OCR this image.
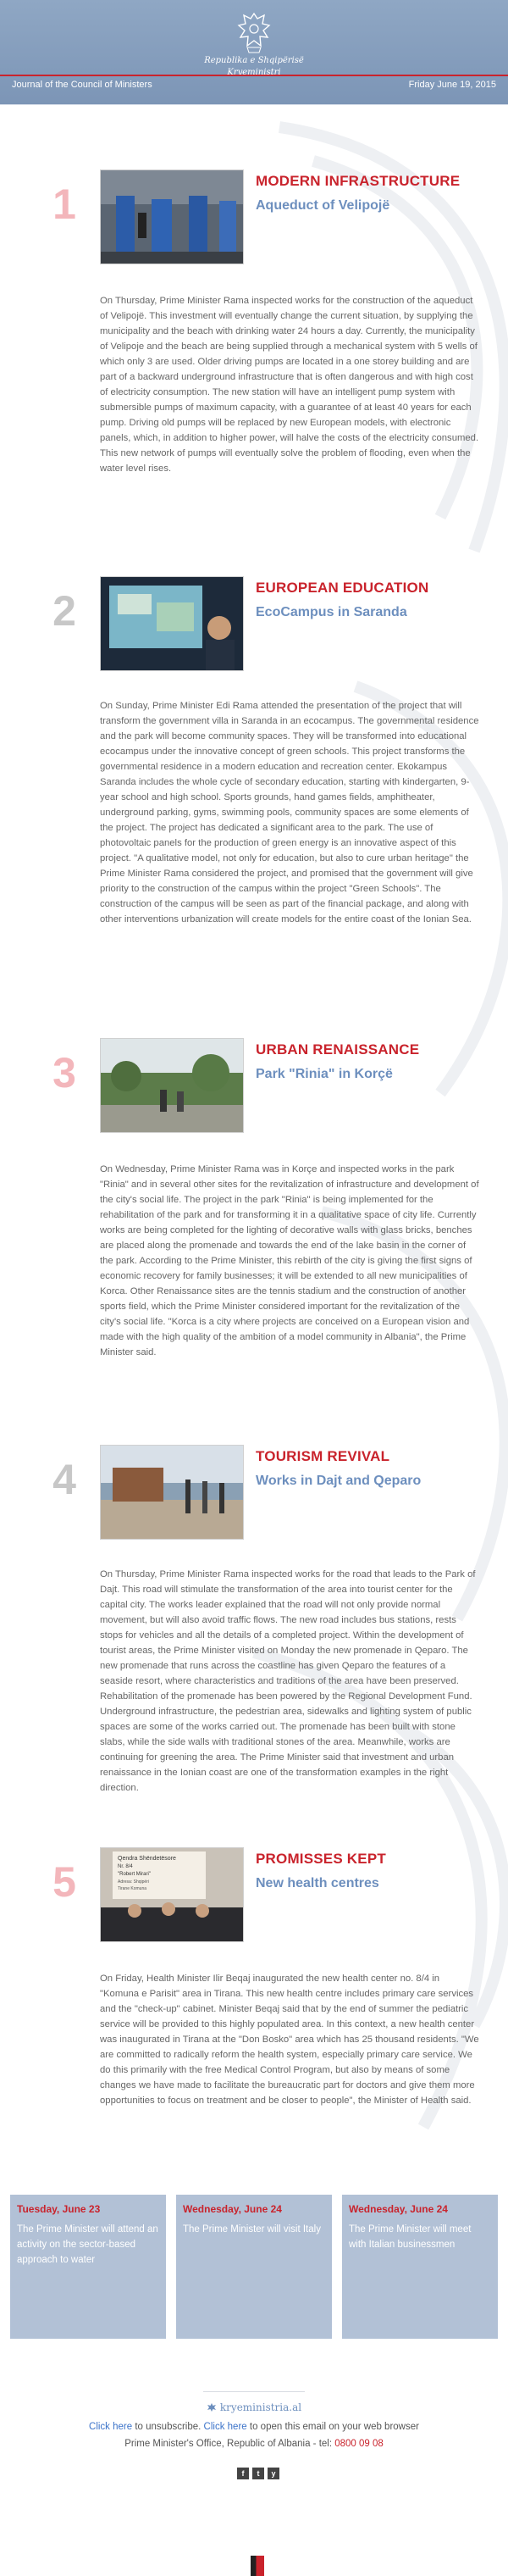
Republika e Shqipërisë
Kryeministri
Journal of the Council of Ministers	Friday June 19, 2015
1	MODERN INFRASTRUCTURE
Aqueduct of Velipojë
On Thursday, Prime Minister Rama inspected works for the construction of the aqueduct of Velipojë. This investment will eventually change the current situation, by supplying the municipality and the beach with drinking water 24 hours a day. Currently, the municipality of Velipoje and the beach are being supplied through a mechanical system with 5 wells of which only 3 are used. Older driving pumps are located in a one storey building and are part of a backward underground infrastructure that is often dangerous and with high cost of electricity consumption. The new station will have an intelligent pump system with submersible pumps of maximum capacity, with a guarantee of at least 40 years for each pump. Driving old pumps will be replaced by new European models, with electronic panels, which, in addition to higher power, will halve the costs of the electricity consumed. This new network of pumps will eventually solve the problem of flooding, even when the water level rises.
2	EUROPEAN EDUCATION
EcoCampus in Saranda
On Sunday, Prime Minister Edi Rama attended the presentation of the project that will transform the government villa in Saranda in an ecocampus. The governmental residence and the park will become community spaces. They will be transformed into educational ecocampus under the innovative concept of green schools. This project transforms the governmental residence in a modern education and recreation center. Ekokampus Saranda includes the whole cycle of secondary education, starting with kindergarten, 9-year school and high school. Sports grounds, hand games fields, amphitheater, underground parking, gyms, swimming pools, community spaces are some elements of the project. The project has dedicated a significant area to the park. The use of photovoltaic panels for the production of green energy is an innovative aspect of this project. "A qualitative model, not only for education, but also to cure urban heritage" the Prime Minister Rama considered the project, and promised that the government will give priority to the construction of the campus within the project "Green Schools". The construction of the campus will be seen as part of the financial package, and along with other interventions urbanization will create models for the entire coast of the Ionian Sea.
3	URBAN RENAISSANCE
Park "Rinia" in Korçë
On Wednesday, Prime Minister Rama was in Korçe and inspected works in the park "Rinia" and in several other sites for the revitalization of infrastructure and development of the city's social life. The project in the park "Rinia" is being implemented for the rehabilitation of the park and for transforming it in a qualitative space of city life. Currently works are being completed for the lighting of decorative walls with glass bricks, benches are placed along the promenade and towards the end of the lake basin in the corner of the park. According to the Prime Minister, this rebirth of the city is giving the first signs of economic recovery for family businesses; it will be extended to all new municipalities of Korca. Other Renaissance sites are the tennis stadium and the construction of another sports field, which the Prime Minister considered important for the revitalization of the city's social life. "Korca is a city where projects are conceived on a European vision and made with the high quality of the ambition of a model community in Albania", the Prime Minister said.
4	TOURISM REVIVAL
Works in Dajt and Qeparo
On Thursday, Prime Minister Rama inspected works for the road that leads to the Park of Dajt. This road will stimulate the transformation of the area into tourist center for the capital city. The works leader explained that the road will not only provide normal movement, but will also avoid traffic flows. The new road includes bus stations, rests stops for vehicles and all the details of a completed project. Within the development of tourist areas, the Prime Minister visited on Monday the new promenade in Qeparo. The new promenade that runs across the coastline has given Qeparo the features of a seaside resort, where characteristics and traditions of the area have been preserved. Rehabilitation of the promenade has been powered by the Regional Development Fund. Underground infrastructure, the pedestrian area, sidewalks and lighting system of public spaces are some of the works carried out. The promenade has been built with stone slabs, while the side walls with traditional stones of the area. Meanwhile, works are continuing for greening the area. The Prime Minister said that investment and urban renaissance in the Ionian coast are one of the transformation examples in the right direction.
5	Qendra Shëndetësore
Nr. 8/4
"Robert Mirari"
Adresa: Shqipëri
Tirane Komuna
PROMISSES KEPT
New health centres
On Friday, Health Minister Ilir Beqaj inaugurated the new health center no. 8/4 in "Komuna e Parisit" area in Tirana. This new health centre includes primary care services and the "check-up" cabinet. Minister Beqaj said that by the end of summer the pediatric service will be provided to this highly populated area. In this context, a new health center was inaugurated in Tirana at the "Don Bosko" area which has 25 thousand residents. "We are committed to radically reform the health system, especially primary care service. We do this primarily with the free Medical Control Program, but also by means of some changes we have made to facilitate the bureaucratic part for doctors and give them more opportunities to focus on treatment and be closer to people", the Minister of Health said.
Tuesday, June 23
The Prime Minister will attend an activity on the sector-based approach to water
Wednesday, June 24
The Prime Minister will visit Italy
Wednesday, June 24
The Prime Minister will meet with Italian businessmen
kryeministria.al
Click here to unsubscribe. Click here to open this email on your web browser
Prime Minister's Office, Republic of Albania - tel: 0800 09 08
f	t	y
